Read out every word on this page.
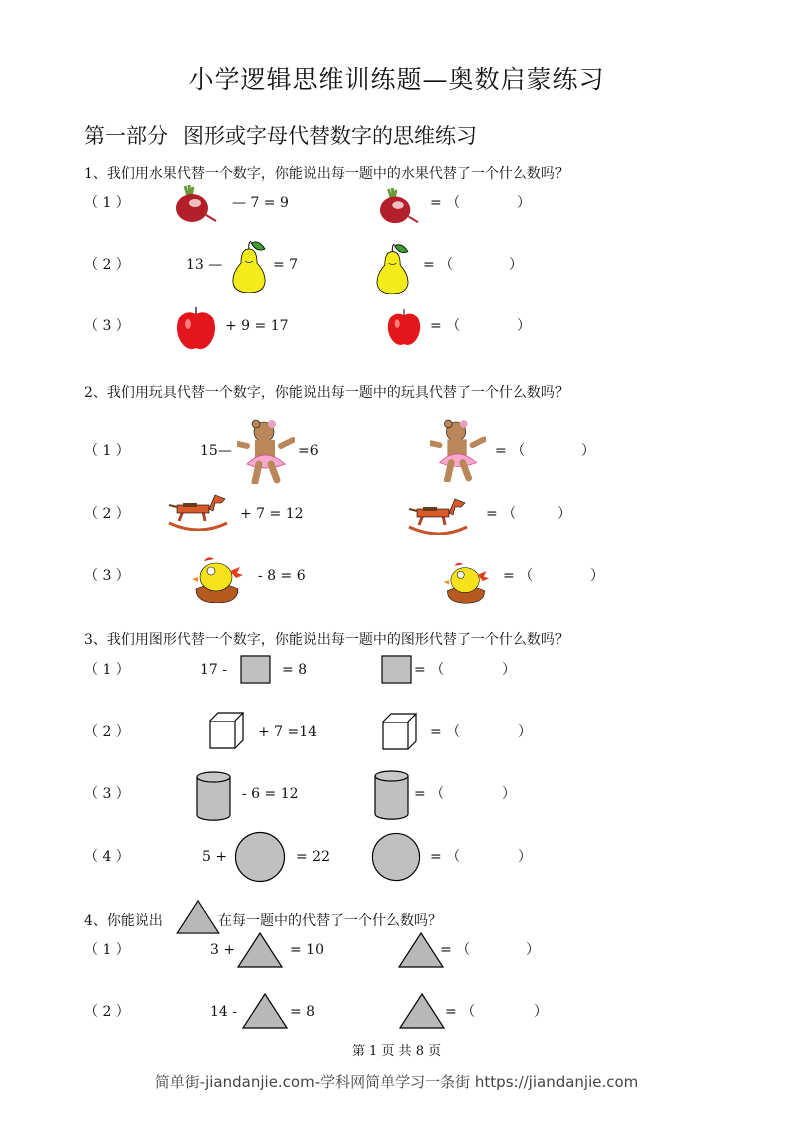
小学逻辑思维训练题—奥数启蒙练习
第一部分 图形或字母代替数字的思维练习
1、我们用水果代替一个数字，你能说出每一题中的水果代替了一个什么数吗？
（ 1 ）	— 7 = 9	= （	）
（ 2 ）	13 —	= 7	= （	）
（ 3 ）	+ 9 = 17	= （	）
2、我们用玩具代替一个数字，你能说出每一题中的玩具代替了一个什么数吗？
（ 1 ）	15—	=6	= （	）
（ 2 ）	+ 7 = 12	= （	）
（ 3 ）	- 8 = 6	= （	）
3、我们用图形代替一个数字，你能说出每一题中的图形代替了一个什么数吗？
（ 1 ）	17 -	= 8	= （	）
（ 2 ）	+ 7 =14	= （	）
（ 3 ）	- 6 = 12	= （	）
（ 4 ）	5 +	= 22	= （	）
4、你能说出	在每一题中的代替了一个什么数吗？
（ 1 ）	3 +	= 10	= （	）
（ 2 ）	14 -	= 8	= （	）
第 1 页 共 8 页
简单街-jiandanjie.com-学科网简单学习一条街 https://jiandanjie.com
